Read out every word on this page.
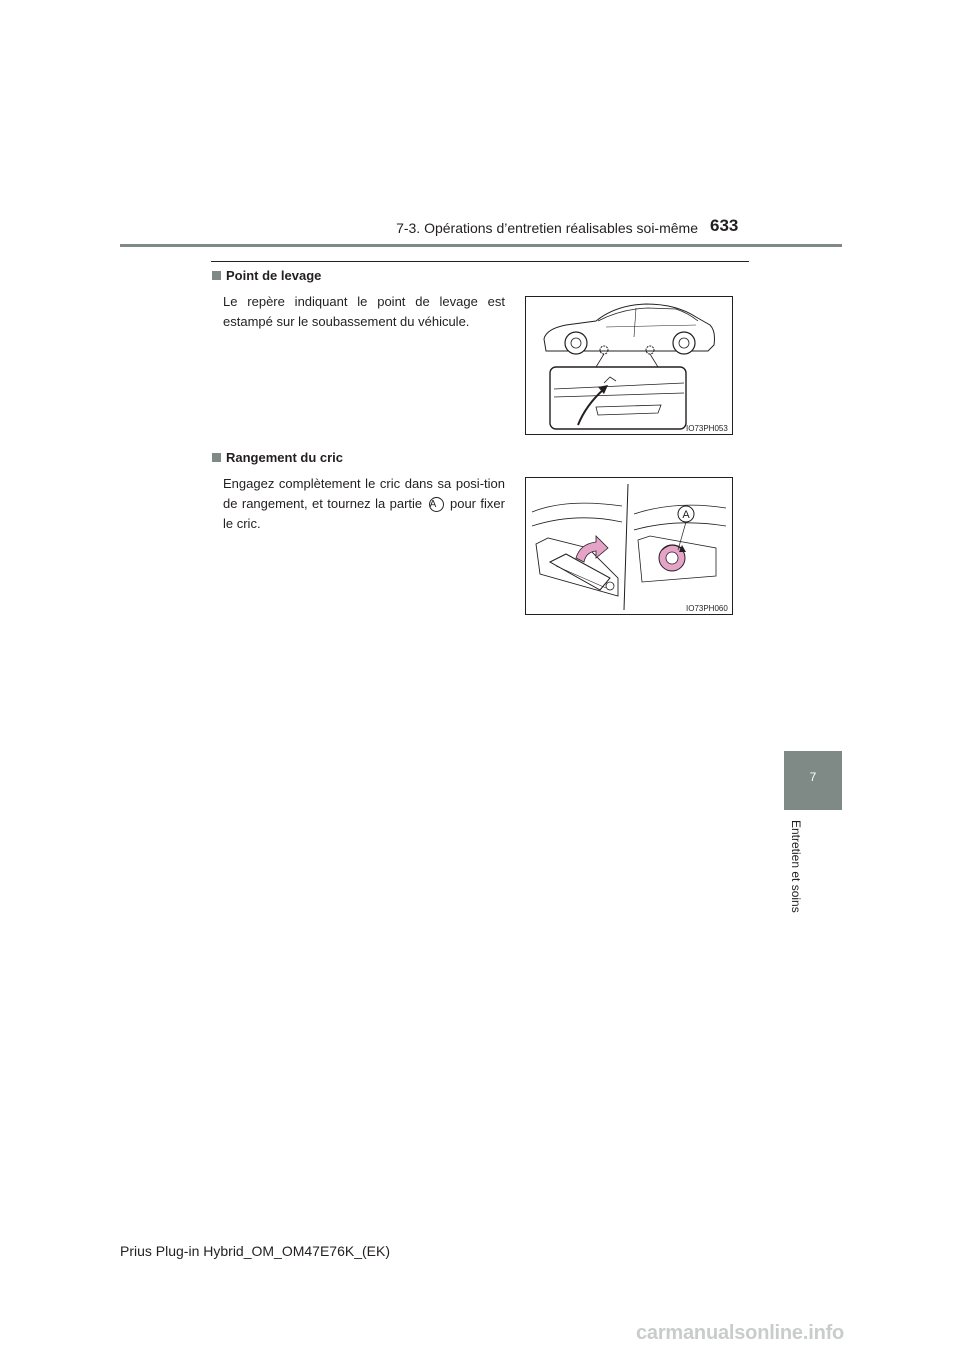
7-3. Opérations d’entretien réalisables soi-même 633
7
Entretien et soins
Point de levage
Le repère indiquant le point de levage est estampé sur le soubassement du véhicule.
IO73PH053
Rangement du cric
Engagez complètement le cric dans sa posi-tion de rangement, et tournez la partie A pour fixer le cric.
A
IO73PH060
Prius Plug-in Hybrid_OM_OM47E76K_(EK)
carmanualsonline.info
